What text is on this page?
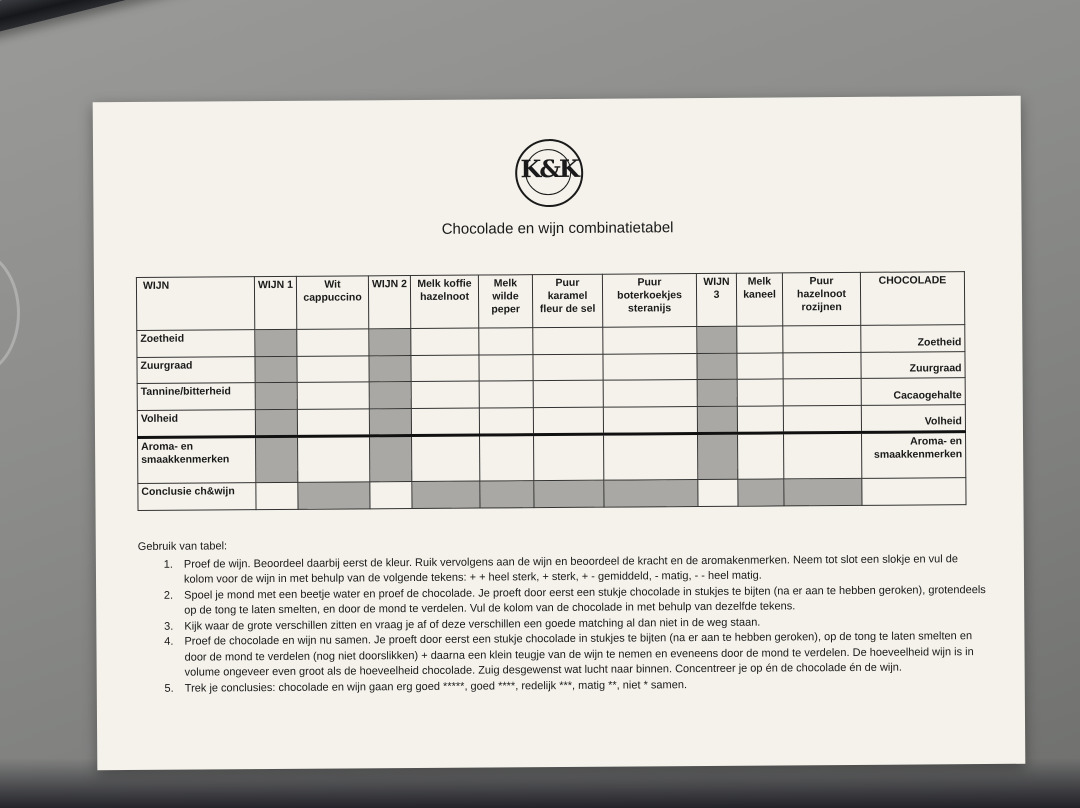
K&K
Chocolade en wijn combinatietabel
WIJN	WIJN 1	Wit cappuccino	WIJN 2	Melk koffie hazelnoot	Melk wilde peper	Puur karamel fleur de sel	Puur boterkoekjes steranijs	WIJN 3	Melk kaneel	Puur hazelnoot rozijnen	CHOCOLADE
Zoetheid											Zoetheid
Zuurgraad											Zuurgraad
Tannine/bitterheid											Cacaogehalte
Volheid											Volheid
Aroma- en smaakkenmerken											Aroma- en smaakkenmerken
Conclusie ch&wijn											

Gebruik van tabel:

1. Proef de wijn. Beoordeel daarbij eerst de kleur. Ruik vervolgens aan de wijn en beoordeel de kracht en de aromakenmerken. Neem tot slot een slokje en vul de kolom voor de wijn in met behulp van de volgende tekens: + + heel sterk, + sterk, + - gemiddeld, - matig, - - heel matig.
2. Spoel je mond met een beetje water en proef de chocolade. Je proeft door eerst een stukje chocolade in stukjes te bijten (na er aan te hebben geroken), grotendeels op de tong te laten smelten, en door de mond te verdelen. Vul de kolom van de chocolade in met behulp van dezelfde tekens.
3. Kijk waar de grote verschillen zitten en vraag je af of deze verschillen een goede matching al dan niet in de weg staan.
4. Proef de chocolade en wijn nu samen. Je proeft door eerst een stukje chocolade in stukjes te bijten (na er aan te hebben geroken), op de tong te laten smelten en door de mond te verdelen (nog niet doorslikken) + daarna een klein teugje van de wijn te nemen en eveneens door de mond te verdelen. De hoeveelheid wijn is in volume ongeveer even groot als de hoeveelheid chocolade. Zuig desgewenst wat lucht naar binnen. Concentreer je op én de chocolade én de wijn.
5. Trek je conclusies: chocolade en wijn gaan erg goed *****, goed ****, redelijk ***, matig **, niet * samen.
